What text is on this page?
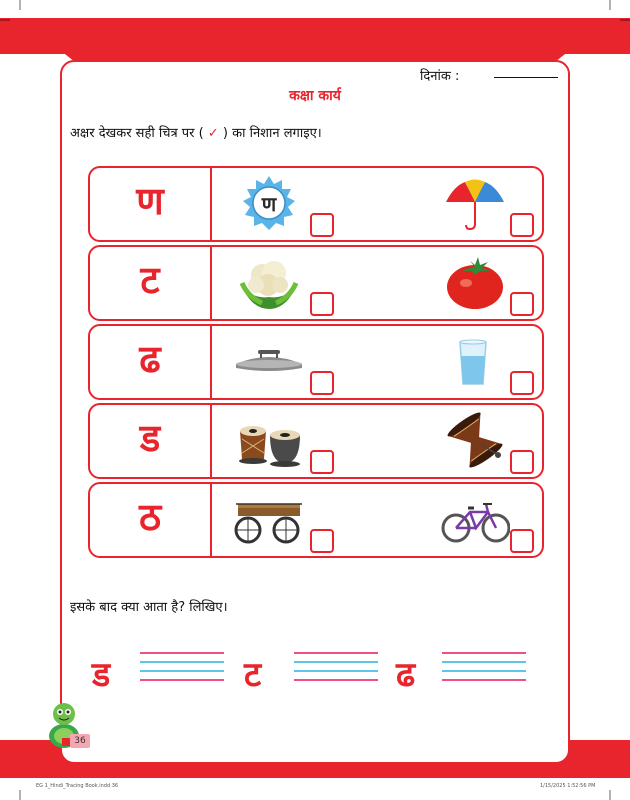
दिनांक :
कक्षा कार्य
अक्षर देखकर सही चित्र पर ( ✓ ) का निशान लगाइए।
ण	ण
ट
ढ
ड
ठ
इसके बाद क्या आता है? लिखिए।
ड	ट	ढ
36
EG 1_Hindi_Tracing Book.indd 36	1/15/2025 1:52:56 PM
